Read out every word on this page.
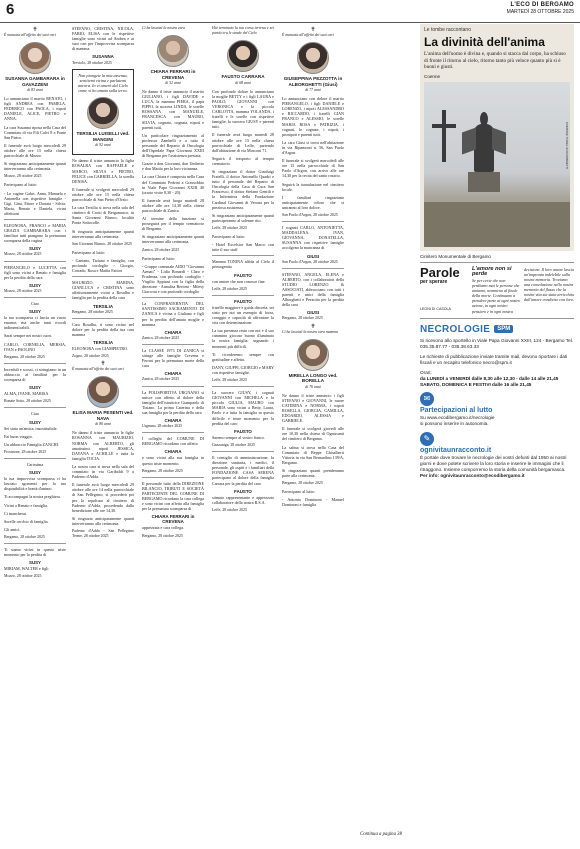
6	L'ECO DI BERGAMO
MARTEDÌ 28 OTTOBRE 2025
✝

È mancata all'affetto dei suoi cari

SUSANNA GAMBARARA in GAVAZZENI
di 83 anni

Lo annunciano il marito RENATO, i figli ANDREA con PAMELA, FEDERICO con PAOLA, i nipoti DANIELE, ALICE, PIETRO e ANNA.

La cara Susanna riposa nella Casa del Commiato di via Fili Calvi 8 a Ponte San Pietro.

Il funerale avrà luogo mercoledì 29 ottobre alle ore 15 nella chiesa parrocchiale di Mozzo.

Si ringraziano anticipatamente quanti interverranno alla cerimonia.

Mozzo, 28 ottobre 2025

Partecipano al lutto:

- Le cugine Gabri, Anna, Manuela e Antonella con rispettive famiglie - Gigi, Gina, Ettore e Donata - Silvia, Maria, Renato e Daniela, vicini affettuosi

ELEONORA, FRANCO e MARIA GRAZIA GAMBARARA con i familiari tutti piangono la prematura scomparsa della cugina

SUSY

Mozzo, 28 ottobre 2025

PIERANGELO e LUCETTA con figli sono vicini a Renato e famiglia per la perdita della cara

SUSY

Mozzo, 28 ottobre 2025

Ciao

SUSY

la tua scomparsa ci lascia un vuoto enorme, ma anche tanti ricordi indimenticabili.

Sarai sempre nei nostri cuori.

CARLO, CORNELIA, MERSIA, IVAN e PAOLINO

Bergamo, 28 ottobre 2025

Increduli e scossi, ci stringiamo in un abbraccio ai familiari per la scomparsa di

SUSY

ALMA, IVANE, MARISA

Bonate Sotto, 28 ottobre 2025

Ciao

SUSY

Sei stata un'amica, insostituibile.

Fai buon viaggio.

Un abbraccio Famiglia ZANCHI.

Frosinone, 28 ottobre 2025

Carissima

SUSY

la tua improvvisa scomparsa ci ha lasciato sgomenti per la tua disponibilità e bontà d'animo.

Ti accompagni la nostra preghiera.

Vicini a Renato e famiglia.

Ci mancherai.

Sorelle cerchio di famiglia.

Gli amici.

Bergamo, 28 ottobre 2025

Ti siamo vicini in questo triste momento per la perdita di

SUSY

MIRIAM, WALTER e figli

Mozzo, 28 ottobre 2025

STEFANO, CRISTINA, NICOLA, FABIO, ELISA con le rispettive famiglie sono vicini ad Andrea e ai suoi cari per l'improvvisa scomparsa di mamma

SUSANNA

Treviolo, 28 ottobre 2025

Non piangete la mia assenza, sentitemi vicina e parlatemi ancora. Io vi amerò dal Cielo come vi ho amato sulla terra.

TERSILIA LUISELLI ved. MANGINI
di 92 anni

Ne danno il triste annuncio la figlia ROSALBA con RAFFAELE e MARCO, SILVIA e PIETRO, FELICE con GABRIELLA, la sorella DENISA.

Il funerale si svolgerà mercoledì 29 ottobre alle ore 15 nella chiesa parrocchiale di San Pietro d'Orzio.

La cara Tersilia si trova nella sala del cimitero di Crotti di Bergamasco, in Santa Giovanni Bianco, località Ponte Sottocolle.

Si ringrazia anticipatamente quanti interverranno alla cerimonia.

San Giovanni Bianco, 28 ottobre 2025

Partecipano al lutto:

- Gaetano, Tiziano e famiglia, con profondo cordoglio - Giorgio, Corrado, Rosa e Mattia Fattori

MAURIZIO, MARINA, GIANLUCA e CRISTINA sono affettuosamente vicini a Rosalba e famiglia per la perdita della cara

TERSILIA

Bergamo, 28 ottobre 2025

Cara Rosalba, ti sono vicino nel dolore per la perdita della tua cara mamma

TERSILIA

ELEONORA con GIAMPIETRO.

Zogno, 28 ottobre 2025

✝

È mancata all'affetto dei suoi cari

ELISA MARIA PESENTI ved. NAVA
di 86 anni

Ne danno il triste annuncio le figlie ROSANNA con MAURIZIO, NORMA con ALBERTO, gli amatissimi nipoti JESSICA, DAYANA e ACHILLE e tutta la famiglia TOCIA.

La nostra cara si trova nella sala del commiato in via Garibaldi 9 a Paderno d'Adda.

Il funerale avrà luogo mercoledì 29 ottobre alle ore 14 nella parrocchiale di San Pellegrino; si procederà poi per la sepoltura al cimitero di Paderno d'Adda, procedendo dalla benedizione alle ore 14,30.

Si ringrazia anticipatamente quanti interverranno alla cerimonia.

Paderno d'Adda - San Pellegrino Terme, 28 ottobre 2025

Ci ha lasciati la nostra cara

CHIARA FERRARI in CREVENA
di 52 anni

Ne danno il triste annuncio il marito GIULIANO, i figli DAVIDE e LUCA, la mamma PIERA, il papà PIPPO, la suocera LINDA, le sorelle ROSSANA con MANUELE, FRANCESCA con MAURO, SILVIA, cognato, cognata, nipoti e parenti tutti.

Un particolare ringraziamento al professor Zambelli e a tutto il personale del Reparto di Oncologia dell'Ospedale Papa Giovanni XXIII di Bergamo per l'assistenza prestata.

Grazie a don Giovanni, don Umberto e don Mattia per la loro vicinanza.

La cara Chiara è composta nella Casa del Commiato Pedrini a Grassobbio in Viale Papa Giovanni XXIII 40 (orario visite 8,30 - 20).

Il funerale avrà luogo martedì 28 ottobre alle ore 14,30 nella chiesa parrocchiale di Zanica.

Al termine della funzione si proseguirà per il tempio crematorio di Bergamo.

Si ringraziano anticipatamente quanti interverranno alla cerimonia.

Zanica, 28 ottobre 2025

Partecipano al lutto:

- Gruppo comunale AIDO "Giovanna Armati" - Lidia Bonardi - Claro e Prudenza, con profondo cordoglio - Virgilio Appiani con la figlia della direzione - Annalisa Bertoni - Milesy Giacconi e con profondo cordoglio

La CONFRATERNITA DEL SANTISSIMO SACRAMENTO DI ZANICA è vicina a Giuliano e figli per la perdita dell'amata moglie e mamma

CHIARA

Zanica, 28 ottobre 2025

La CLASSE 1973 DI ZANICA si stringe alle famiglie Crevena e Ferrari per la prematura morte della cara

CHIARA

Zanica, 28 ottobre 2025

La POLISPORTIVA URGNANO si unisce con affetto al dolore della famiglia dell'istruttrice Giampaolo di Tiziano. La prima Caterina e della sua famiglia per la perdita della cara

CHIARA

Urgnano, 28 ottobre 2025

I colleghi del COMUNE DI BERGAMO ricordano con affetto

CHIARA

e sono vicini alla sua famiglia in questo triste momento.

Bergamo, 28 ottobre 2025

Il personale tutto della DIREZIONE BILANCIO, TRIBUTI E SOCIETÀ PARTECIPATE DEL COMUNE DI BERGAMO ricordano la cara collega e sono vicini con affetto alla famiglia per la prematura scomparsa di

CHIARA FERRARI in CREVENA

apprezzata e cara collega.

Bergamo, 28 ottobre 2025

Hai terminato la tua corsa terrena e sei partito tra le strade del Cielo

FAUSTO CARRARA
di 68 anni

Con profondo dolore lo annunciano la moglie BETTY e i figli LAURA e PAOLO, GIOVANNI con VERONICA e la piccola CARLOTTA, mamma YOLANDA, i fratelli e le sorelle con rispettive famiglie, la suocera GIUSY e parenti tutti.

Il funerale avrà luogo martedì 28 ottobre alle ore 15 nella chiesa parrocchiale di Leffe, partendo dall'abitazione di via Mosconi 71.

Seguirà il trasporto al tempio crematorio.

Si ringraziano il dottor Gianluigi Fratelli, il dottor Antonello Quadri e tutto il personale del Reparto di Oncologia della Casa di Cura San Francesco, il dottor Stefano Gentili e la Infermiera della Fondazione Cardinal Giovanni di Verona per la preziosa assistenza.

Si ringraziano anticipatamente quanti parteciperanno al solenne rito.

Leffe, 28 ottobre 2025

Partecipano al lutto:

- Hotel Excelsior San Marco con tutte il suo staff

Mamma TONINA affida al Cielo il primogenito

FAUSTO

con amore che non conosce fine.

Leffe, 28 ottobre 2025

FAUSTO

fratello maggiore e guida discreta, sei stato per noi un esempio di forza, coraggio e capacità di affrontare la vita con determinazione.

La tua presenza resta con noi e il suo cammino giocoso buono illuminato la nostra famiglia, segnando i momenti più difficili.

Ti ricorderemo sempre con gratitudine e affetto.

DANY, GIUPPI, GIORGIO e MARY con rispettive famiglie.

Leffe, 28 ottobre 2025

La suocera GIUSY, i cognati GIOVANNI con MICHELA e la piccola GIULIA, MAURO con MARIA sono vicini a Betty, Laura, Paolo e a tutta la famiglia in questo difficile e triste momento per la perdita del caro

FAUSTO

Saremo sempre al vostro fianco.

Gazzaniga, 28 ottobre 2025

Il consiglio di amministrazione, la direzione sanitaria, i medici, il personale, gli ospiti e i familiari della FONDAZIONE CASA SERENA partecipano al dolore della famiglia Carrara per la perdita del caro

FAUSTO

stimato rappresentante e apprezzato collaboratore della nostra R.S.A.

Leffe, 28 ottobre 2025

✝

È mancata all'affetto dei suoi cari

GIUSEPPINA PEZZOTTA in ALBORGHETTI (Giusi)
di 77 anni

Lo annunciano con dolore il marito PIERANGELO, i figli DANIELE e LORENZO, i nipoti ALESSANDRO e RICCARDO, i fratelli GIAN FRANCO e ALESSIO, le sorelle MARIA ROSA e PATRIZIA, i cognati, le cognate, i nipoti, i pronipoti e parenti tutti.

La cara Giusi si trova nell'abitazione in via Ripamonti n. 56, San Paolo d'Argon.

Il funerale si svolgerà mercoledì alle ore 15 nella parrocchiale di San Paolo d'Argon, con arrivo alle ore 14,30 per la recita del santo rosario.

Seguirà la tumulazione nel cimitero locale.

I familiari ringraziano anticipatamente coloro che si uniranno al loro dolore.

San Paolo d'Argon, 28 ottobre 2025

I cognati CARLO, ANTONIETTA, MADDALENA, IVAN, GIOVANNA, DONATELLA, SUSANNA con rispettive famiglie accolgono la mancanza di

GIUSI

San Paolo d'Argon, 28 ottobre 2025

STEFANO, ANGELA, ELENA e ALBERTO, con i collaboratori della STUDIO LORENZO & ASSOCIATI, abbracciano con tutti i parenti e unici della famiglia Alborghetti e Pezzotta per la perdita della cara

GIUSI

Bergamo, 28 ottobre 2025

✝

Ci ha lasciati la nostra cara mamma

MIRELLA LONGO ved. BORELLA
di 76 anni

Ne danno il triste annuncio i figli STEFANO e GIOVANNI, le nuore CATERINA e NORMA, i nipoti ROSELLA, GIORGIA, CAMILLA, EDOARDO, ALESSIA e GABRIELE.

Il funerale si svolgerà giovedì alle ore 10,30 nella chiesa di Ognissanti del cimitero di Bergamo.

La salma si trova nella Casa del Commiato di Beppe Ghisalberti Vittoria in via San Bernardino 139/A, Bergamo.

Si ringraziano quanti prenderanno parte alla cerimonia.

Bergamo, 28 ottobre 2025

Partecipano al lutto:

- Antonio Dominoni - Manuel Dominoni e famiglia

Continua a pagina 38
Le tombe raccontano
La divinità dell'anima

L'anima dell'uomo è divina e, quando si stacca dal corpo, ha schiuso di fronte il ritorno al cielo, ritorno tanto più veloce quanto più si è buoni e giusti.

Coenne

CORINNE TODEL /CAPAMBRETTI
Cimitero Monumentale di Bergamo
Parole
per sperare
LEONI DI CASOLA
L'amore non si perde
Se per certe che non perdiamo mai le persone che amiamo, nemmeno al finale della morte. Continuano a prendere parte ai ogni nostro azione, in ogni nostro pensiero e in ogni nostra
decisione. Il loro amore lascia un'impronta indelebile sulla nostra memoria. Troviamo una consolazione nella nostra memoria del flusso che la nostra vita sia stata arricchita dall'amore condiviso con loro.
NECROLOGIE	SPM

Si ricevono allo sportello in Viale Papa Giovanni XXIII, 124 - Bergamo Tel. 035.35.87.77 - 035.38.63.33

Le richieste di pubblicazione inviate tramite mail, devono riportare i dati fiscali e un recapito telefonico necro@spm.it

Orari:
da LUNEDÌ a VENERDÌ dalle 8,30 alle 12,30 - dalle 14 alle 21,45
SABATO, DOMENICA E FESTIVI dalle 16 alle 21,45

✉
Partecipazioni al lutto

Su www.ecodibergamo.it/necrologie
si possono inserire in autonomia.

✎
ognivitaunracconto.it

È portale dove trovare le necrologie dei vostri defunti dal 1950 ai nostri giorni e dove potete scrivere la loro storia e inserire le immagini che li ritraggono. Insieme comporremo la storia della comunità bergamasca.
Per info: ognivitaunracconto@ecodibergamo.it
